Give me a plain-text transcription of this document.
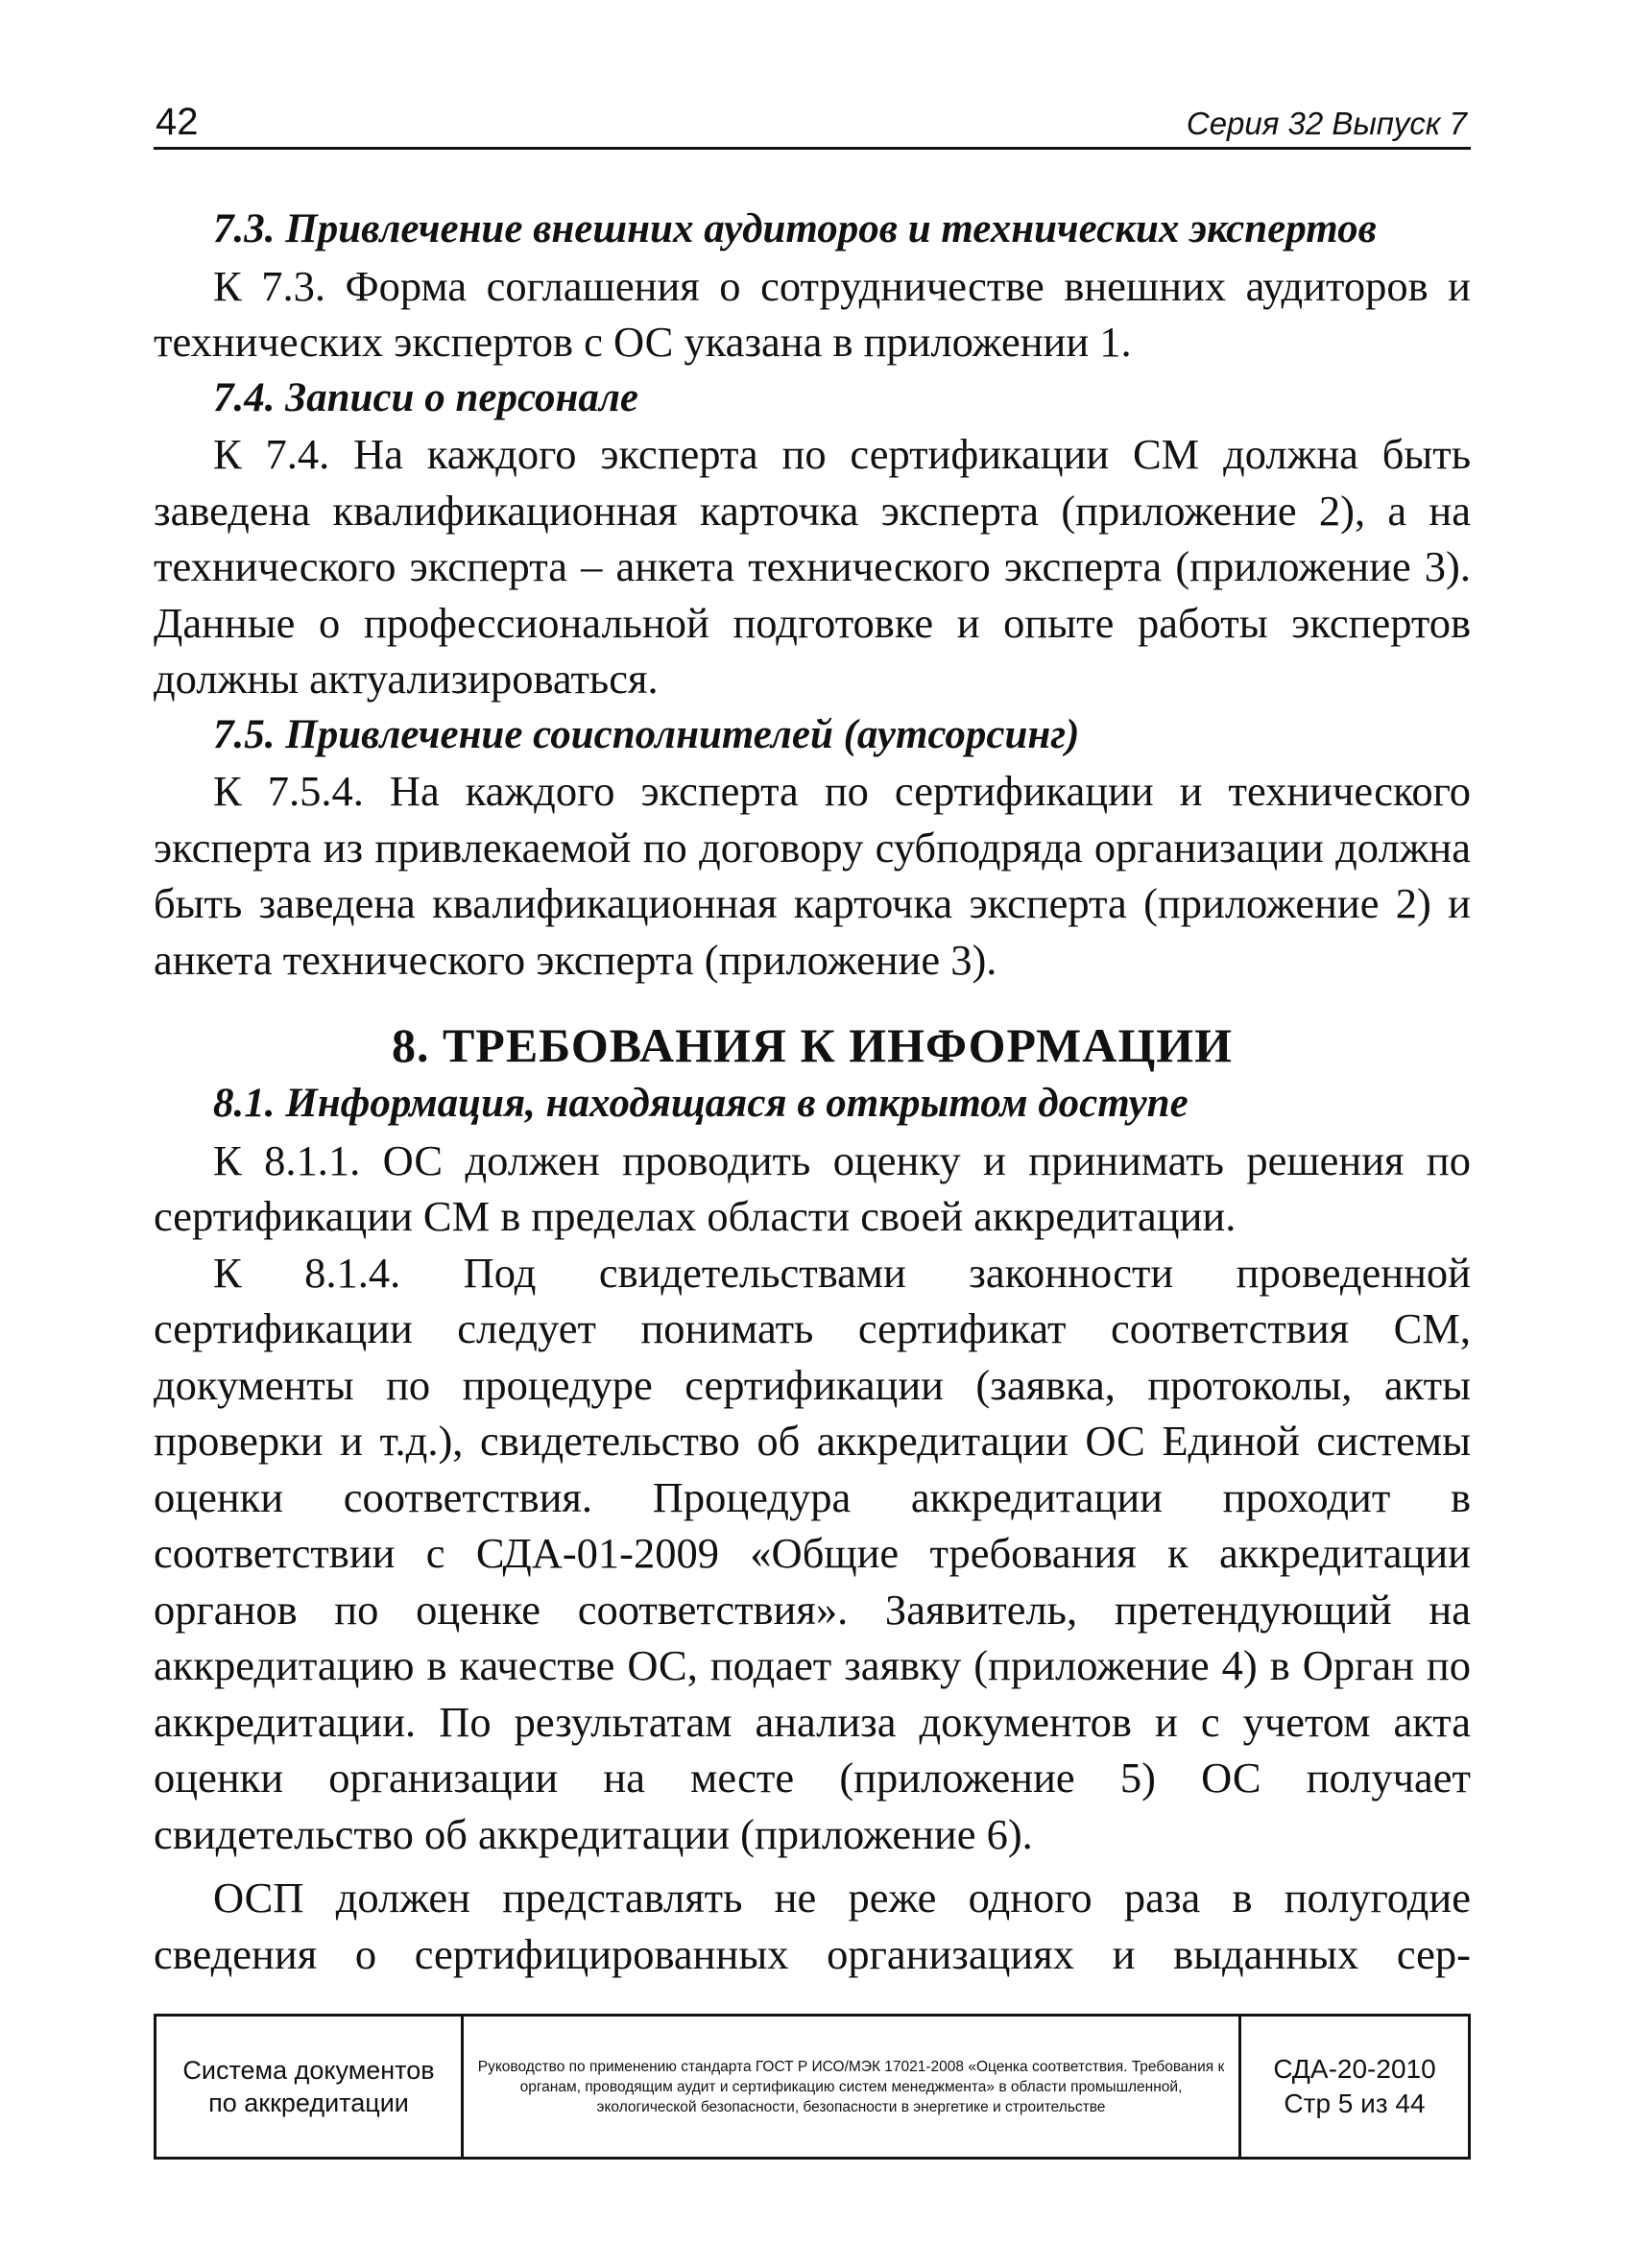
42	Серия 32 Выпуск 7

7.3. Привлечение внешних аудиторов и технических экспертов

К 7.3. Форма соглашения о сотрудничестве внешних аудиторов и технических экспертов с ОС указана в приложении 1.

7.4. Записи о персонале

К 7.4. На каждого эксперта по сертификации СМ должна быть заведена квалификационная карточка эксперта (приложение 2), а на технического эксперта – анкета технического эксперта (приложение 3). Данные о профессиональной подготовке и опыте работы экспертов должны актуализироваться.

7.5. Привлечение соисполнителей (аутсорсинг)

К 7.5.4. На каждого эксперта по сертификации и технического эксперта из привлекаемой по договору субподряда организации должна быть заведена квалификационная карточка эксперта (приложение 2) и анкета технического эксперта (приложение 3).

8. ТРЕБОВАНИЯ К ИНФОРМАЦИИ

8.1. Информация, находящаяся в открытом доступе

К 8.1.1. ОС должен проводить оценку и принимать решения по сертификации СМ в пределах области своей аккредитации.

К 8.1.4. Под свидетельствами законности проведенной сертификации следует понимать сертификат соответствия СМ, документы по процедуре сертификации (заявка, протоколы, акты проверки и т.д.), свидетельство об аккредитации ОС Единой системы оценки соответствия. Процедура аккредитации проходит в соответствии с СДА-01-2009 «Общие требования к аккредитации органов по оценке соответствия». Заявитель, претендующий на аккредитацию в качестве ОС, подает заявку (приложение 4) в Орган по аккредитации. По результатам анализа документов и с учетом акта оценки организации на месте (приложение 5) ОС получает свидетельство об аккредитации (приложение 6).

ОСП должен представлять не реже одного раза в полугодие сведения о сертифицированных организациях и выданных сер-

Система документов
по аккредитации
Руководство по применению стандарта ГОСТ Р ИСО/МЭК 17021-2008 «Оценка соответствия. Требования к органам, проводящим аудит и сертификацию систем менеджмента» в области промышленной, экологической безопасности, безопасности в энергетике и строительстве
СДА-20-2010
Стр 5 из 44
